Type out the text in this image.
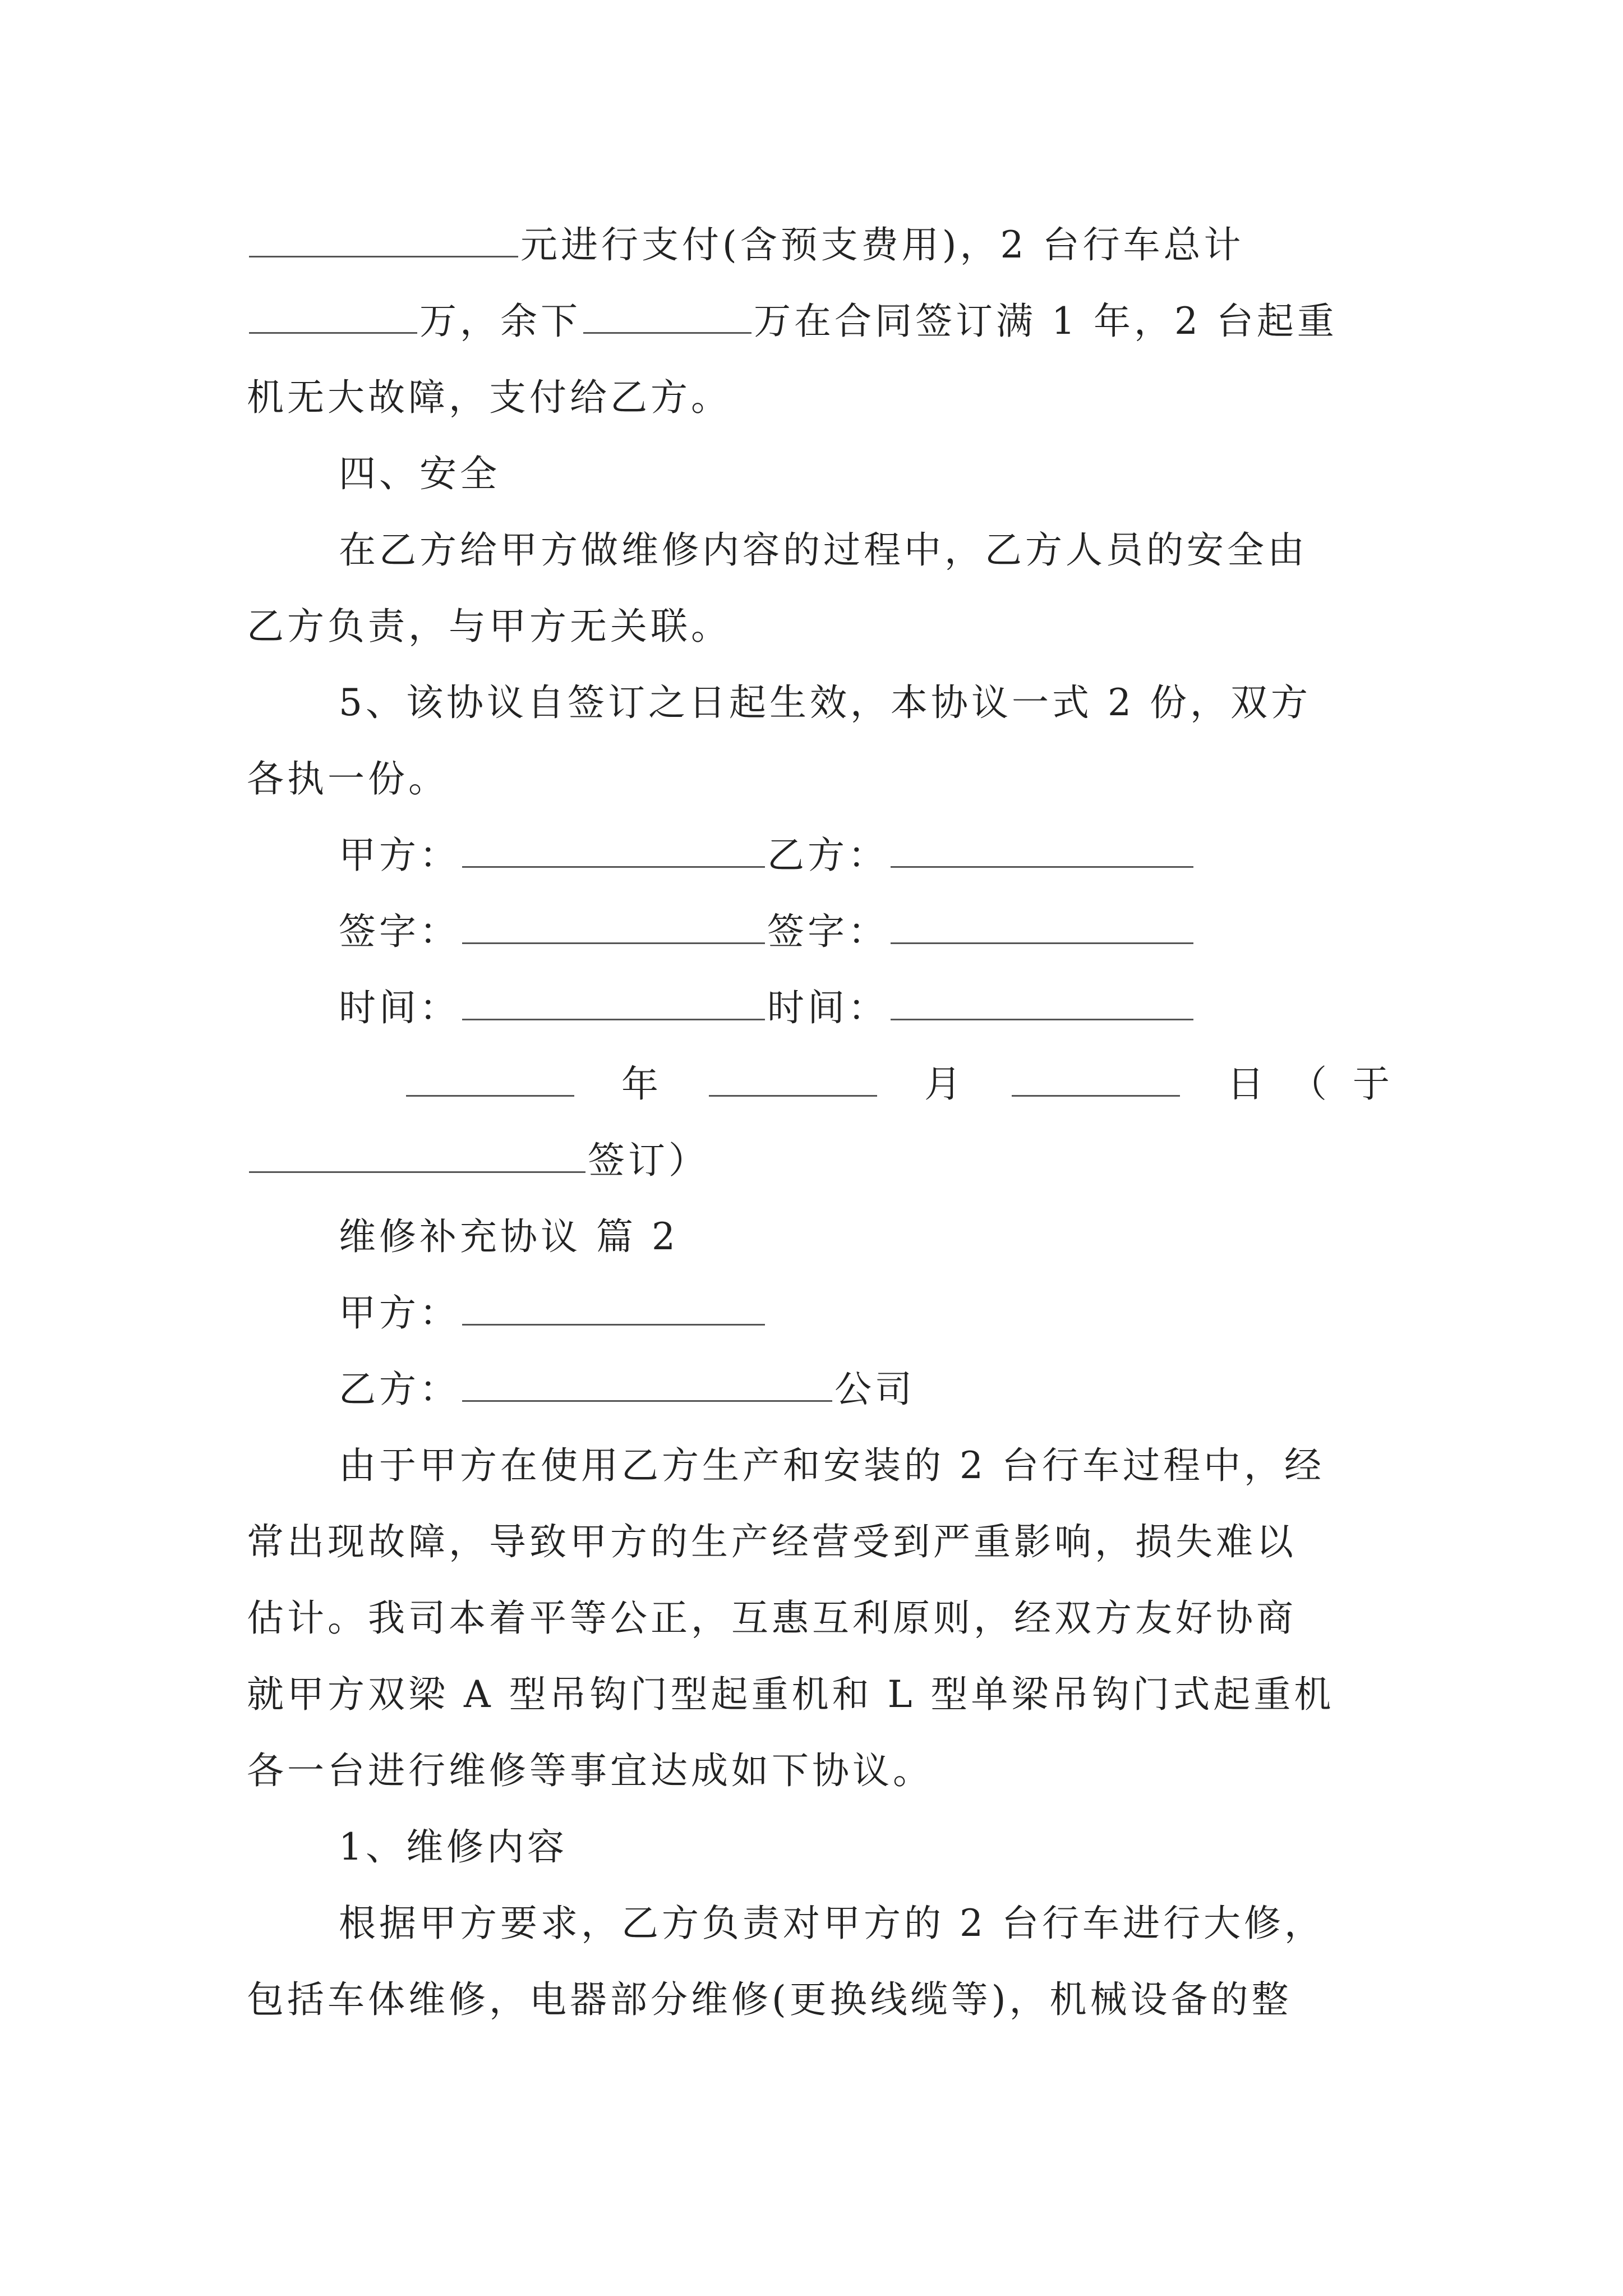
元进行支付(含预支费用)，2 台行车总计
万，余下	万在合同签订满 1 年，2 台起重
机无大故障，支付给乙方。
四、安全
在乙方给甲方做维修内容的过程中，乙方人员的安全由
乙方负责，与甲方无关联。
5、该协议自签订之日起生效，本协议一式 2 份，双方
各执一份。
甲方：	乙方：
签字：	签字：
时间：	时间：
年	月	日 （ 于
签订）
维修补充协议 篇 2
甲方：
乙方：	公司
由于甲方在使用乙方生产和安装的 2 台行车过程中，经
常出现故障，导致甲方的生产经营受到严重影响，损失难以
估计。我司本着平等公正，互惠互利原则，经双方友好协商
就甲方双梁 A 型吊钩门型起重机和 L 型单梁吊钩门式起重机
各一台进行维修等事宜达成如下协议。
1、维修内容
根据甲方要求，乙方负责对甲方的 2 台行车进行大修，
包括车体维修，电器部分维修(更换线缆等)，机械设备的整
